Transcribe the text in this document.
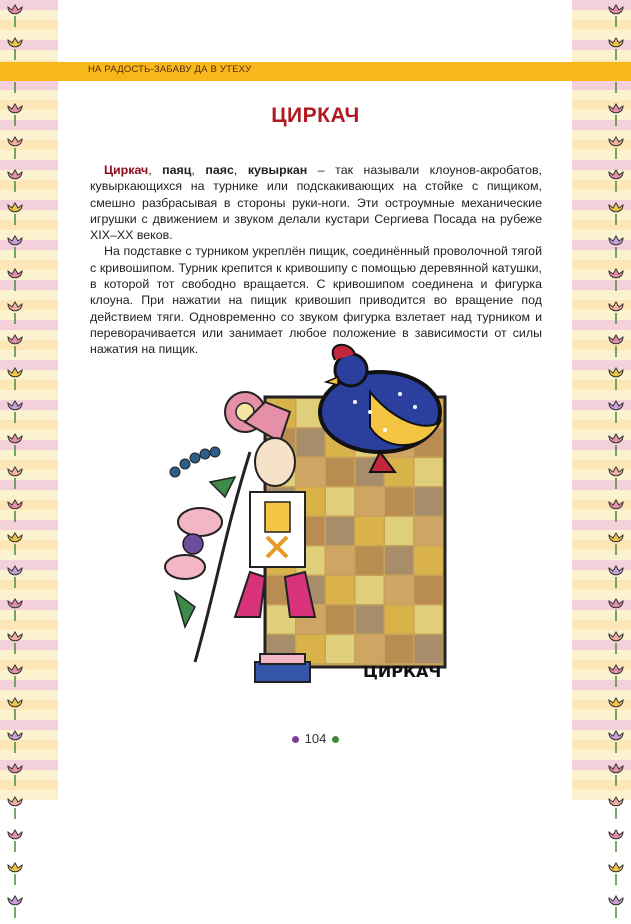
НА РАДОСТЬ-ЗАБАВУ ДА В УТЕХУ
ЦИРКАЧ

Циркач, паяц, паяс, кувыркан – так называли клоунов-акробатов, кувыркающихся на турнике или подскакивающих на стойке с пищиком, смешно разбрасывая в стороны руки-ноги. Эти остроумные механические игрушки с движением и звуком делали кустари Сергиева Посада на рубеже XIX–XX веков.

На подставке с турником укреплён пищик, соединённый проволочной тягой с кривошипом. Турник крепится к кривошипу с помощью деревянной катушки, в которой тот свободно вращается. С кривошипом соединена и фигурка клоуна. При нажатии на пищик кривошип приводится во вращение под действием тяги. Одновременно со звуком фигурка взлетает над турником и переворачивается или занимает любое положение в зависимости от силы нажатия на пищик.

ЦИРКАЧ
104
